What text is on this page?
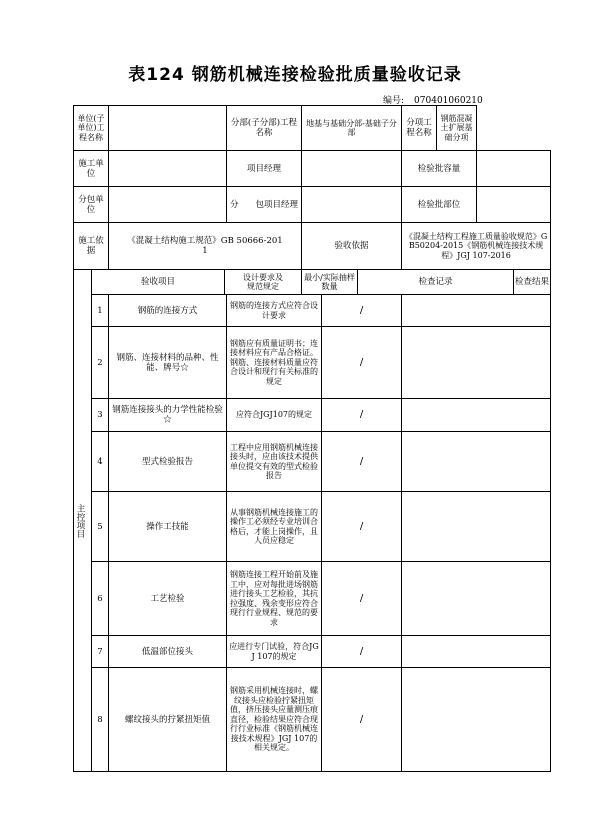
表124 钢筋机械连接检验批质量验收记录
编号: 070401060210
单位(子单位)工程名称				分部(子分部)工程名称	地基与基础分部-基础子分部			分项工程名称	钢筋混凝土扩展基础分项			
施工单位				项目经理				检验批容量				
分包单位				分　　包项目经理				检验批部位				
施工依据		《混凝土结构施工规范》GB 50666-2011			验收依据			《混凝土结构工程施工质量验收规范》GB50204-2015《钢筋机械连接技术规程》JGJ 107-2016				

主控项目	验收项目		设计要求及规范规定		最小/实际抽样数量		检查记录				检查结果	
	1	钢筋的连接方式		钢筋的连接方式应符合设计要求		/						
	2	钢筋、连接材料的品种、性能、牌号☆		钢筋应有质量证明书；连接材料应有产品合格证。钢筋、连接材料质量应符合设计和现行有关标准的规定		/						
	3	钢筋连接接头的力学性能检验☆		应符合JGJ107的规定		/						
	4	型式检验报告		工程中应用钢筋机械连接接头时，应由该技术提供单位提交有效的型式检验报告		/						
	5	操作工技能		从事钢筋机械连接施工的操作工必须经专业培训合格后，才能上岗操作，且人员应稳定		/						
	6	工艺检验		钢筋连接工程开始前及施工中，应对每批进场钢筋进行接头工艺检验，其抗拉强度、残余变形应符合现行行业规程、规范的要求		/						
	7	低温部位接头		应进行专门试验，符合JGJ 107的规定		/						
	8	螺纹接头的拧紧扭矩值		钢筋采用机械连接时，螺纹接头应检验拧紧扭矩值，挤压接头应量测压痕直径，检验结果应符合现行行业标准《钢筋机械连接技术规程》JGJ 107的相关规定。		/						
